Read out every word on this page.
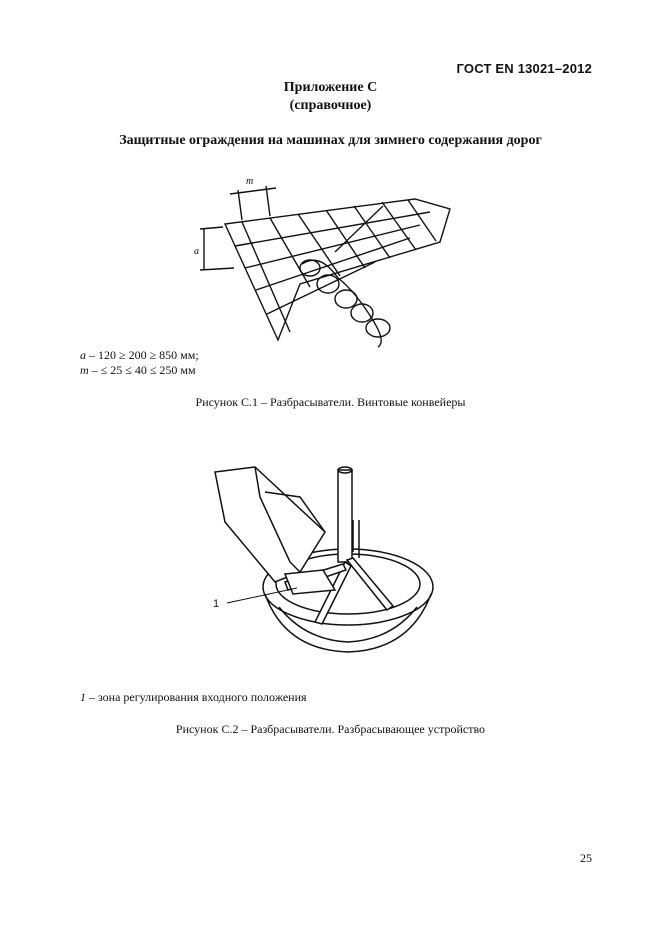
ГОСТ EN 13021–2012
Приложение С
(справочное)
Защитные ограждения на машинах для зимнего содержания дорог
m
a
a – 120 ≥ 200 ≥ 850 мм;
m – ≤ 25 ≤ 40 ≤ 250 мм
Рисунок С.1 – Разбрасыватели. Винтовые конвейеры
1
1 – зона регулирования входного положения
Рисунок С.2 – Разбрасыватели. Разбрасывающее устройство
25
